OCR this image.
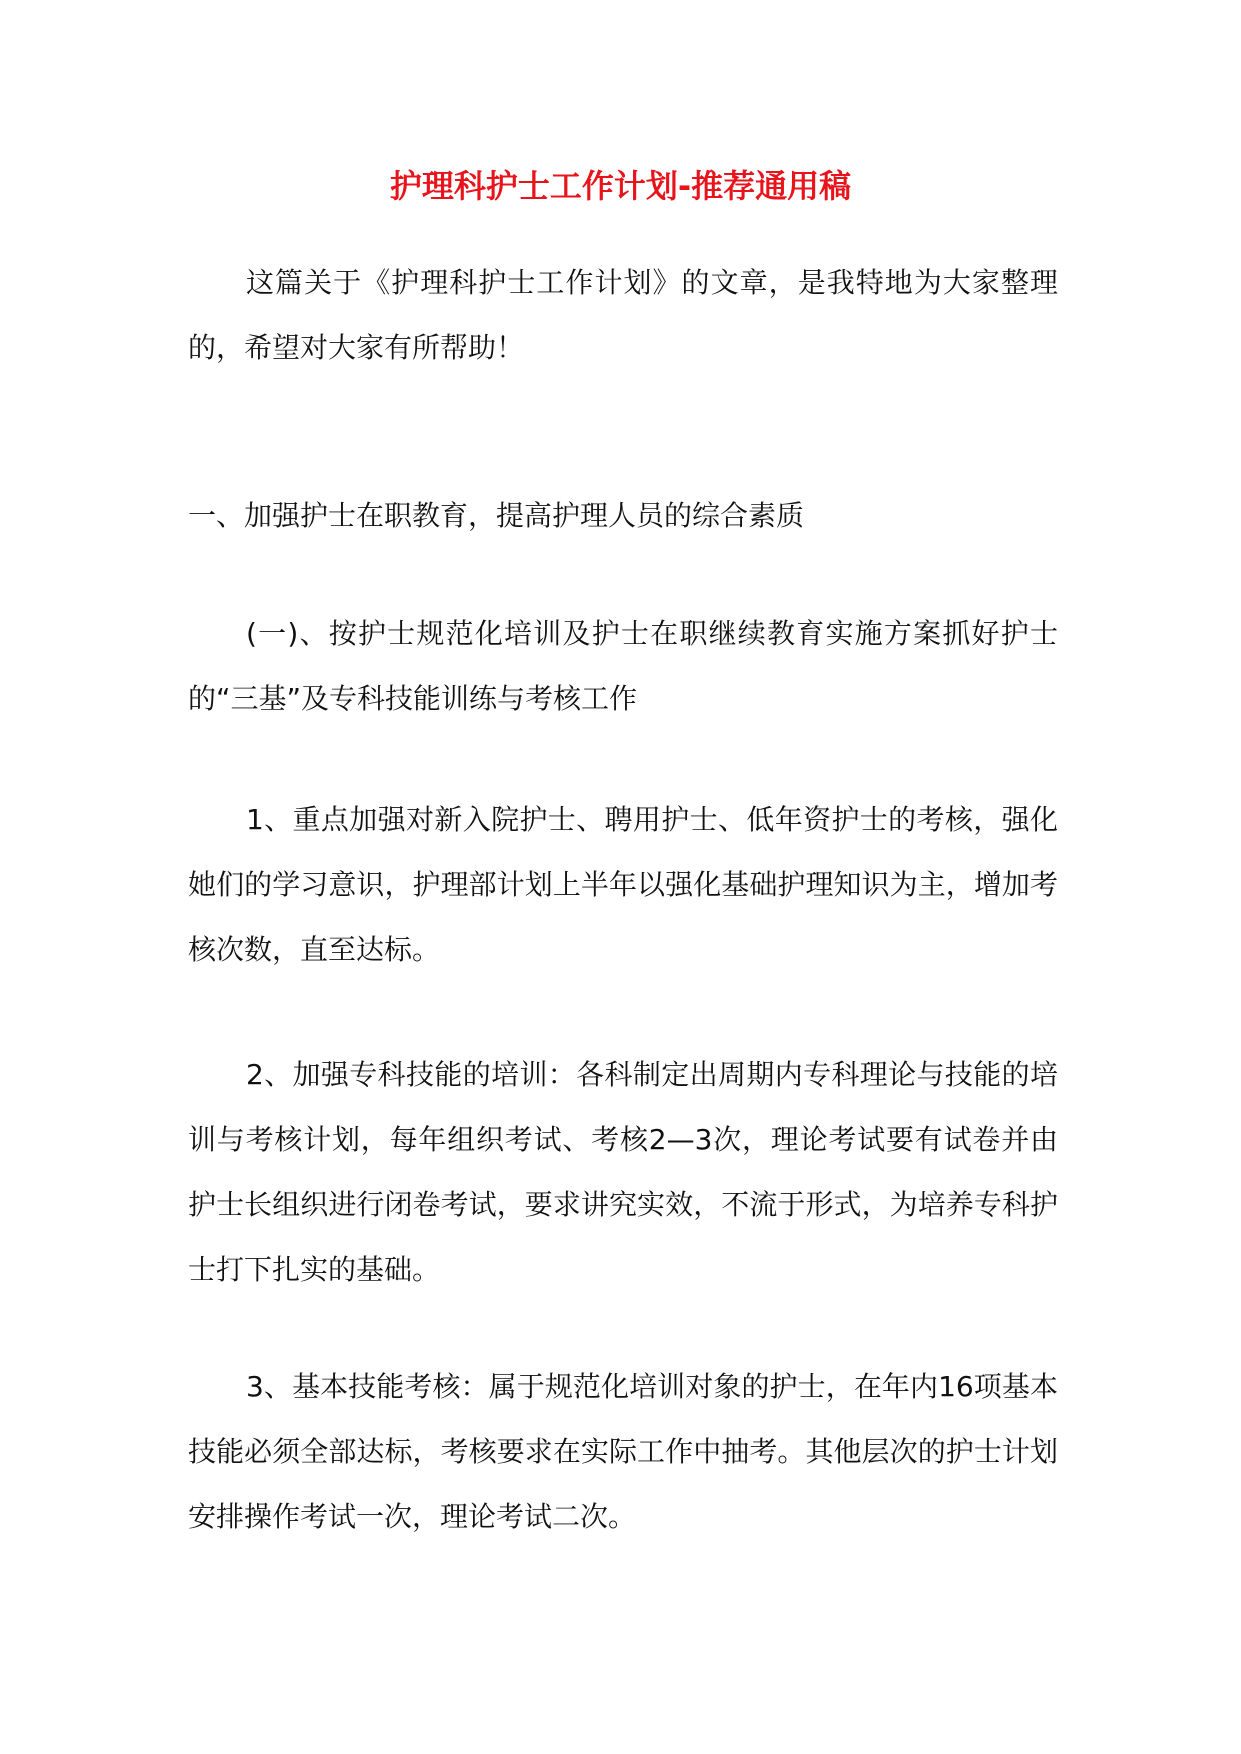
护理科护士工作计划-推荐通用稿

这篇关于《护理科护士工作计划》的文章，是我特地为大家整理的，希望对大家有所帮助！

一、加强护士在职教育，提高护理人员的综合素质

(一)、按护士规范化培训及护士在职继续教育实施方案抓好护士的“三基”及专科技能训练与考核工作

1、重点加强对新入院护士、聘用护士、低年资护士的考核，强化她们的学习意识，护理部计划上半年以强化基础护理知识为主，增加考核次数，直至达标。

2、加强专科技能的培训：各科制定出周期内专科理论与技能的培训与考核计划，每年组织考试、考核2—3次，理论考试要有试卷并由护士长组织进行闭卷考试，要求讲究实效，不流于形式，为培养专科护士打下扎实的基础。

3、基本技能考核：属于规范化培训对象的护士，在年内16项基本技能必须全部达标，考核要求在实际工作中抽考。其他层次的护士计划安排操作考试一次，理论考试二次。
